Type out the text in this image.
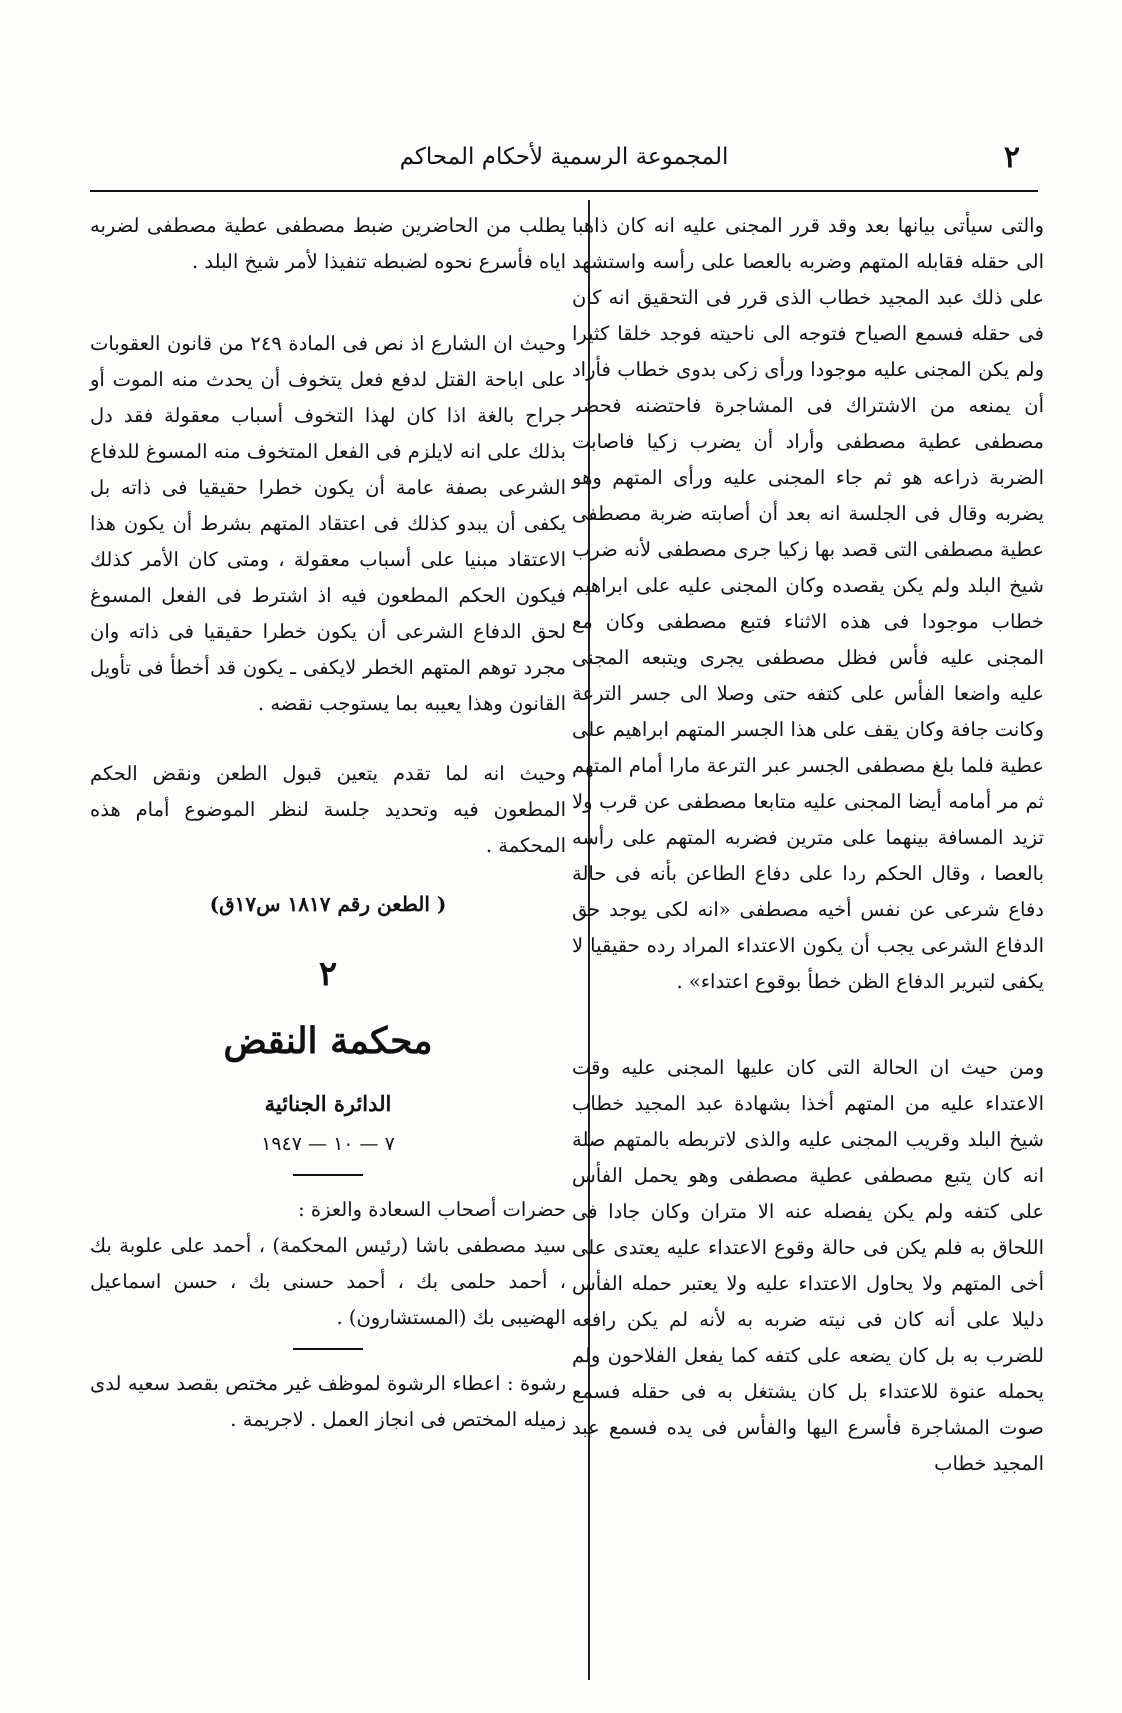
٢
المجموعة الرسمية لأحكام المحاكم

والتى سيأتى بيانها بعد وقد قرر المجنى عليه انه كان ذاهبا الى حقله فقابله المتهم وضربه بالعصا على رأسه واستشهد على ذلك عبد المجيد خطاب الذى قرر فى التحقيق انه كان فى حقله فسمع الصياح فتوجه الى ناحيته فوجد خلقا كثيرا ولم يكن المجنى عليه موجودا ورأى زكى بدوى خطاب فأراد أن يمنعه من الاشتراك فى المشاجرة فاحتضنه فحضر مصطفى عطية مصطفى وأراد أن يضرب زكيا فاصابت الضربة ذراعه هو ثم جاء المجنى عليه ورأى المتهم وهو يضربه وقال فى الجلسة انه بعد أن أصابته ضربة مصطفى عطية مصطفى التى قصد بها زكيا جرى مصطفى لأنه ضرب شيخ البلد ولم يكن يقصده وكان المجنى عليه على ابراهيم خطاب موجودا فى هذه الاثناء فتبع مصطفى وكان مع المجنى عليه فأس فظل مصطفى يجرى ويتبعه المجنى عليه واضعا الفأس على كتفه حتى وصلا الى جسر الترعة وكانت جافة وكان يقف على هذا الجسر المتهم ابراهيم على عطية فلما بلغ مصطفى الجسر عبر الترعة مارا أمام المتهم ثم مر أمامه أيضا المجنى عليه متابعا مصطفى عن قرب ولا تزيد المسافة بينهما على مترين فضربه المتهم على رأسه بالعصا ، وقال الحكم ردا على دفاع الطاعن بأنه فى حالة دفاع شرعى عن نفس أخيه مصطفى «انه لكى يوجد حق الدفاع الشرعى يجب أن يكون الاعتداء المراد رده حقيقيا لا يكفى لتبرير الدفاع الظن خطأ بوقوع اعتداء» .

ومن حيث ان الحالة التى كان عليها المجنى عليه وقت الاعتداء عليه من المتهم أخذا بشهادة عبد المجيد خطاب شيخ البلد وقريب المجنى عليه والذى لاتربطه بالمتهم صلة انه كان يتبع مصطفى عطية مصطفى وهو يحمل الفأس على كتفه ولم يكن يفصله عنه الا متران وكان جادا فى اللحاق به فلم يكن فى حالة وقوع الاعتداء عليه يعتدى على أخى المتهم ولا يحاول الاعتداء عليه ولا يعتبر حمله الفأس دليلا على أنه كان فى نيته ضربه به لأنه لم يكن رافعه للضرب به بل كان يضعه على كتفه كما يفعل الفلاحون ولم يحمله عنوة للاعتداء بل كان يشتغل به فى حقله فسمع صوت المشاجرة فأسرع اليها والفأس فى يده فسمع عبد المجيد خطاب

يطلب من الحاضرين ضبط مصطفى عطية مصطفى لضربه اياه فأسرع نحوه لضبطه تنفيذا لأمر شيخ البلد .

وحيث ان الشارع اذ نص فى المادة ٢٤٩ من قانون العقوبات على اباحة القتل لدفع فعل يتخوف أن يحدث منه الموت أو جراح بالغة اذا كان لهذا التخوف أسباب معقولة فقد دل بذلك على انه لايلزم فى الفعل المتخوف منه المسوغ للدفاع الشرعى بصفة عامة أن يكون خطرا حقيقيا فى ذاته بل يكفى أن يبدو كذلك فى اعتقاد المتهم بشرط أن يكون هذا الاعتقاد مبنيا على أسباب معقولة ، ومتى كان الأمر كذلك فيكون الحكم المطعون فيه اذ اشترط فى الفعل المسوغ لحق الدفاع الشرعى أن يكون خطرا حقيقيا فى ذاته وان مجرد توهم المتهم الخطر لايكفى ـ يكون قد أخطأ فى تأويل القانون وهذا يعيبه بما يستوجب نقضه .

وحيث انه لما تقدم يتعين قبول الطعن ونقض الحكم المطعون فيه وتحديد جلسة لنظر الموضوع أمام هذه المحكمة .

( الطعن رقم ١٨١٧ س١٧ق)
٢
محكمة النقض
الدائرة الجنائية
٧ — ١٠ — ١٩٤٧

حضرات أصحاب السعادة والعزة :
سيد مصطفى باشا (رئيس المحكمة) ، أحمد على علوبة بك ، أحمد حلمى بك ، أحمد حسنى بك ، حسن اسماعيل الهضيبى بك (المستشارون) .

رشوة : اعطاء الرشوة لموظف غير مختص بقصد سعيه لدى زميله المختص فى انجاز العمل . لاجريمة .
